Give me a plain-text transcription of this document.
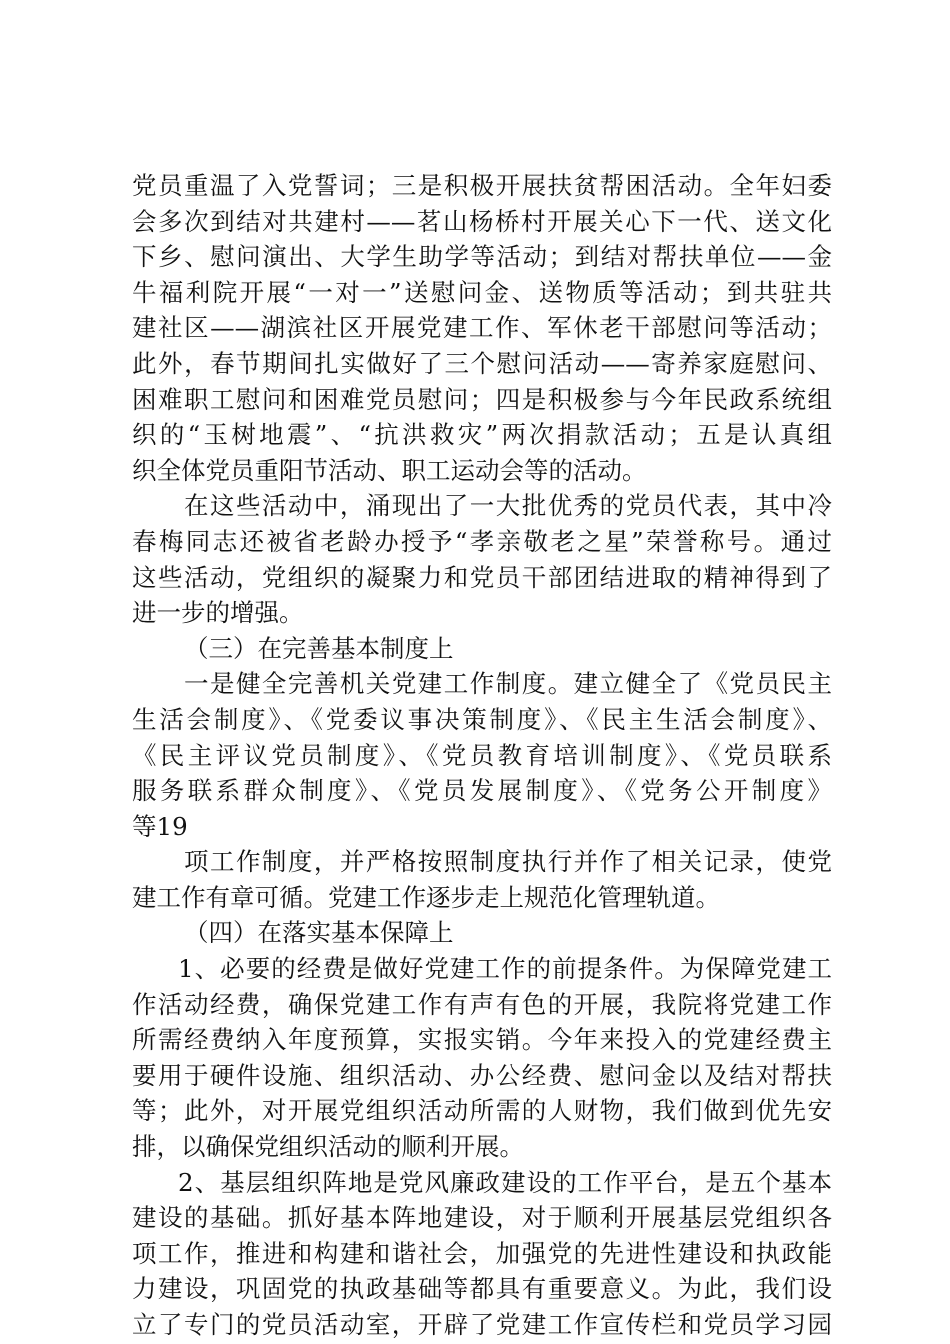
党员重温了入党誓词；三是积极开展扶贫帮困活动。全年妇委
会多次到结对共建村——茗山杨桥村开展关心下一代、送文化
下乡、慰问演出、大学生助学等活动；到结对帮扶单位——金
牛福利院开展“一对一”送慰问金、送物质等活动；到共驻共
建社区——湖滨社区开展党建工作、军休老干部慰问等活动；
此外，春节期间扎实做好了三个慰问活动——寄养家庭慰问、
困难职工慰问和困难党员慰问；四是积极参与今年民政系统组
织的“玉树地震”、“抗洪救灾”两次捐款活动；五是认真组
织全体党员重阳节活动、职工运动会等的活动。
在这些活动中，涌现出了一大批优秀的党员代表，其中冷
春梅同志还被省老龄办授予“孝亲敬老之星”荣誉称号。通过
这些活动，党组织的凝聚力和党员干部团结进取的精神得到了
进一步的增强。
（三）在完善基本制度上
一是健全完善机关党建工作制度。建立健全了《党员民主
生活会制度》、《党委议事决策制度》、《民主生活会制度》、
《民主评议党员制度》、《党员教育培训制度》、《党员联系
服务联系群众制度》、《党员发展制度》、《党务公开制度》
等19
项工作制度，并严格按照制度执行并作了相关记录，使党
建工作有章可循。党建工作逐步走上规范化管理轨道。
（四）在落实基本保障上
1、必要的经费是做好党建工作的前提条件。为保障党建工
作活动经费，确保党建工作有声有色的开展，我院将党建工作
所需经费纳入年度预算，实报实销。今年来投入的党建经费主
要用于硬件设施、组织活动、办公经费、慰问金以及结对帮扶
等；此外，对开展党组织活动所需的人财物，我们做到优先安
排，以确保党组织活动的顺利开展。
2、基层组织阵地是党风廉政建设的工作平台，是五个基本
建设的基础。抓好基本阵地建设，对于顺利开展基层党组织各
项工作，推进和构建和谐社会，加强党的先进性建设和执政能
力建设，巩固党的执政基础等都具有重要意义。为此，我们设
立了专门的党员活动室，开辟了党建工作宣传栏和党员学习园
